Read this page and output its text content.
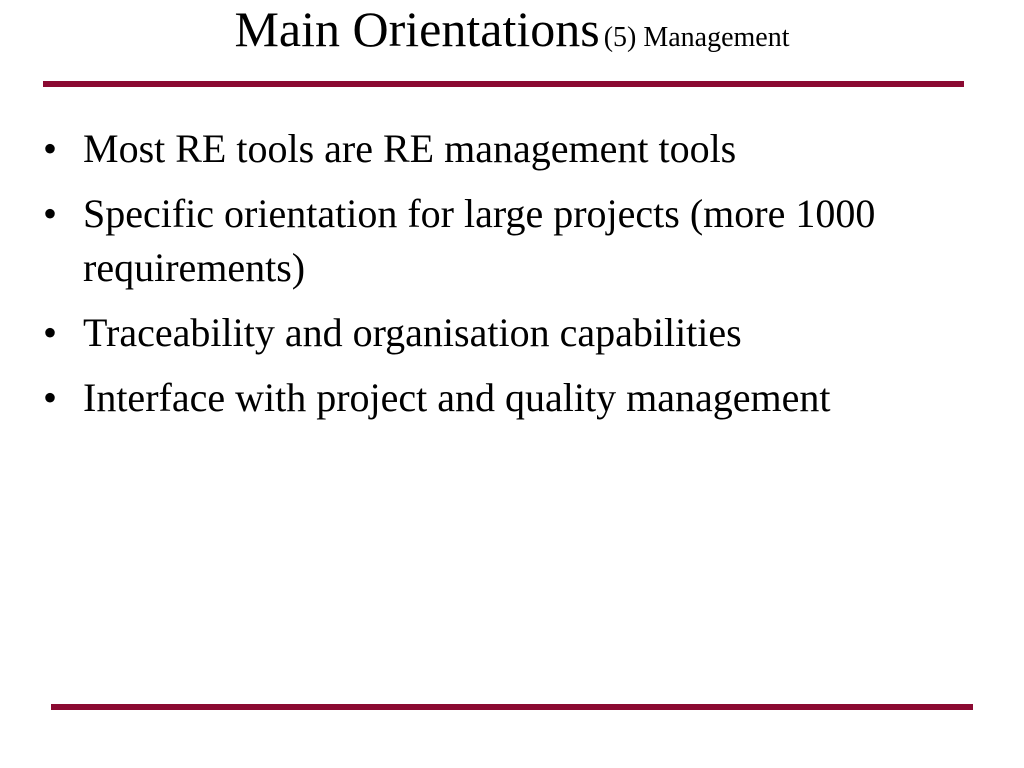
Main Orientations (5) Management
• Most RE tools are RE management tools
• Specific orientation for large projects (more 1000 requirements)
• Traceability and organisation capabilities
• Interface with project and quality management
